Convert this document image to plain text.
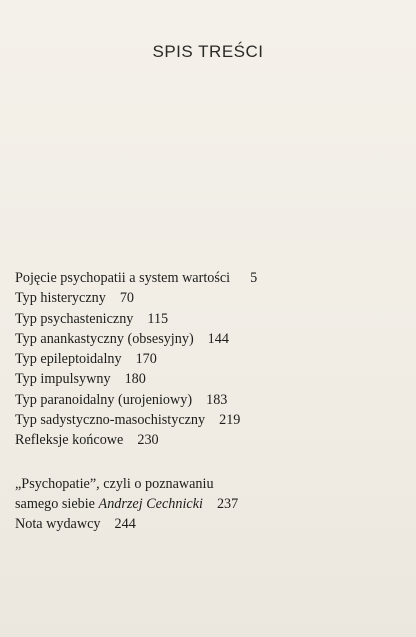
SPIS TREŚCI
Pojęcie psychopatii a system wartości 5
Typ histeryczny 70
Typ psychasteniczny 115
Typ anankastyczny (obsesyjny) 144
Typ epileptoidalny 170
Typ impulsywny 180
Typ paranoidalny (urojeniowy) 183
Typ sadystyczno-masochistyczny 219
Refleksje końcowe 230
„Psychopatie”, czyli o poznawaniu
samego siebie Andrzej Cechnicki 237
Nota wydawcy 244
